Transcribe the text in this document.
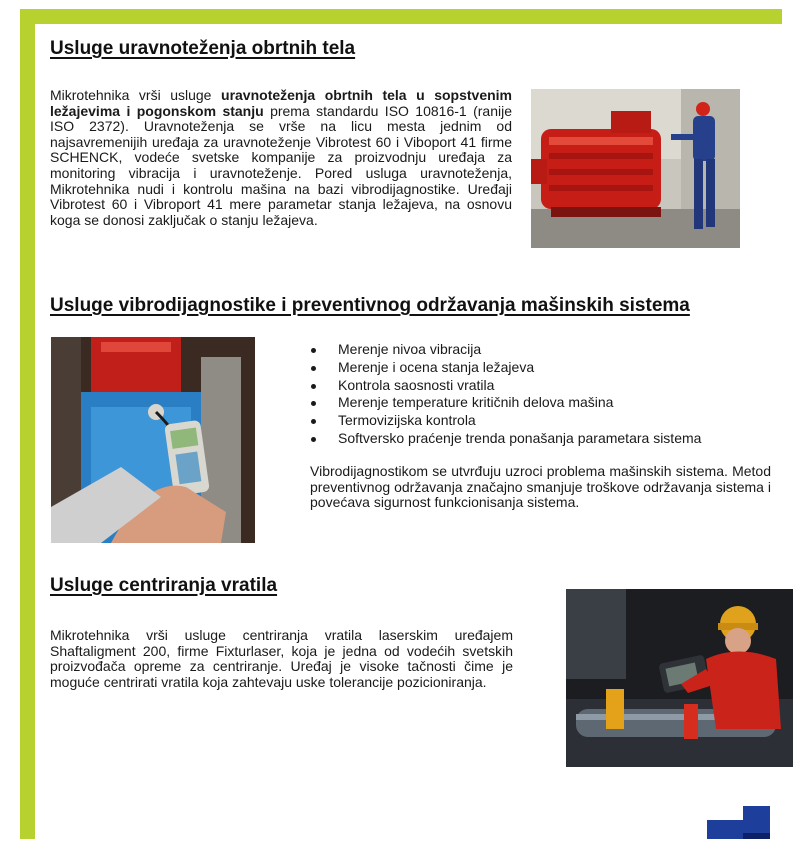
Usluge uravnoteženja obrtnih tela

Mikrotehnika vrši usluge uravnoteženja obrtnih tela u sopstvenim ležajevima i pogonskom stanju prema standardu ISO 10816-1 (ranije ISO 2372). Uravnoteženja se vrše na licu mesta jednim od najsavremenijih uređaja za uravnoteženje Vibrotest 60 i Viboport 41 firme SCHENCK, vodeće svetske kompanije za proizvodnju uređaja za monitoring vibracija i uravnoteženje. Pored usluga uravnoteženja, Mikrotehnika nudi i kontrolu mašina na bazi vibrodijagnostike. Uređaji Vibrotest 60 i Vibroport 41 mere parametar stanja ležajeva, na osnovu koga se donosi zaključak o stanju ležajeva.

Usluge vibrodijagnostike i preventivnog održavanja mašinskih sistema
Merenje nivoa vibracija
Merenje i ocena stanja ležajeva
Kontrola saosnosti vratila
Merenje temperature kritičnih delova mašina
Termovizijska kontrola
Softversko praćenje trenda ponašanja parametara sistema

Vibrodijagnostikom se utvrđuju uzroci problema mašinskih sistema. Metod preventivnog održavanja značajno smanjuje troškove održavanja sistema i povećava sigurnost funkcionisanja sistema.

Usluge centriranja vratila

Mikrotehnika vrši usluge centriranja vratila laserskim uređajem Shaftaligment 200, firme Fixturlaser, koja je jedna od vodećih svetskih proizvođača opreme za centriranje. Uređaj je visoke tačnosti čime je moguće centrirati vratila koja zahtevaju uske tolerancije pozicioniranja.
